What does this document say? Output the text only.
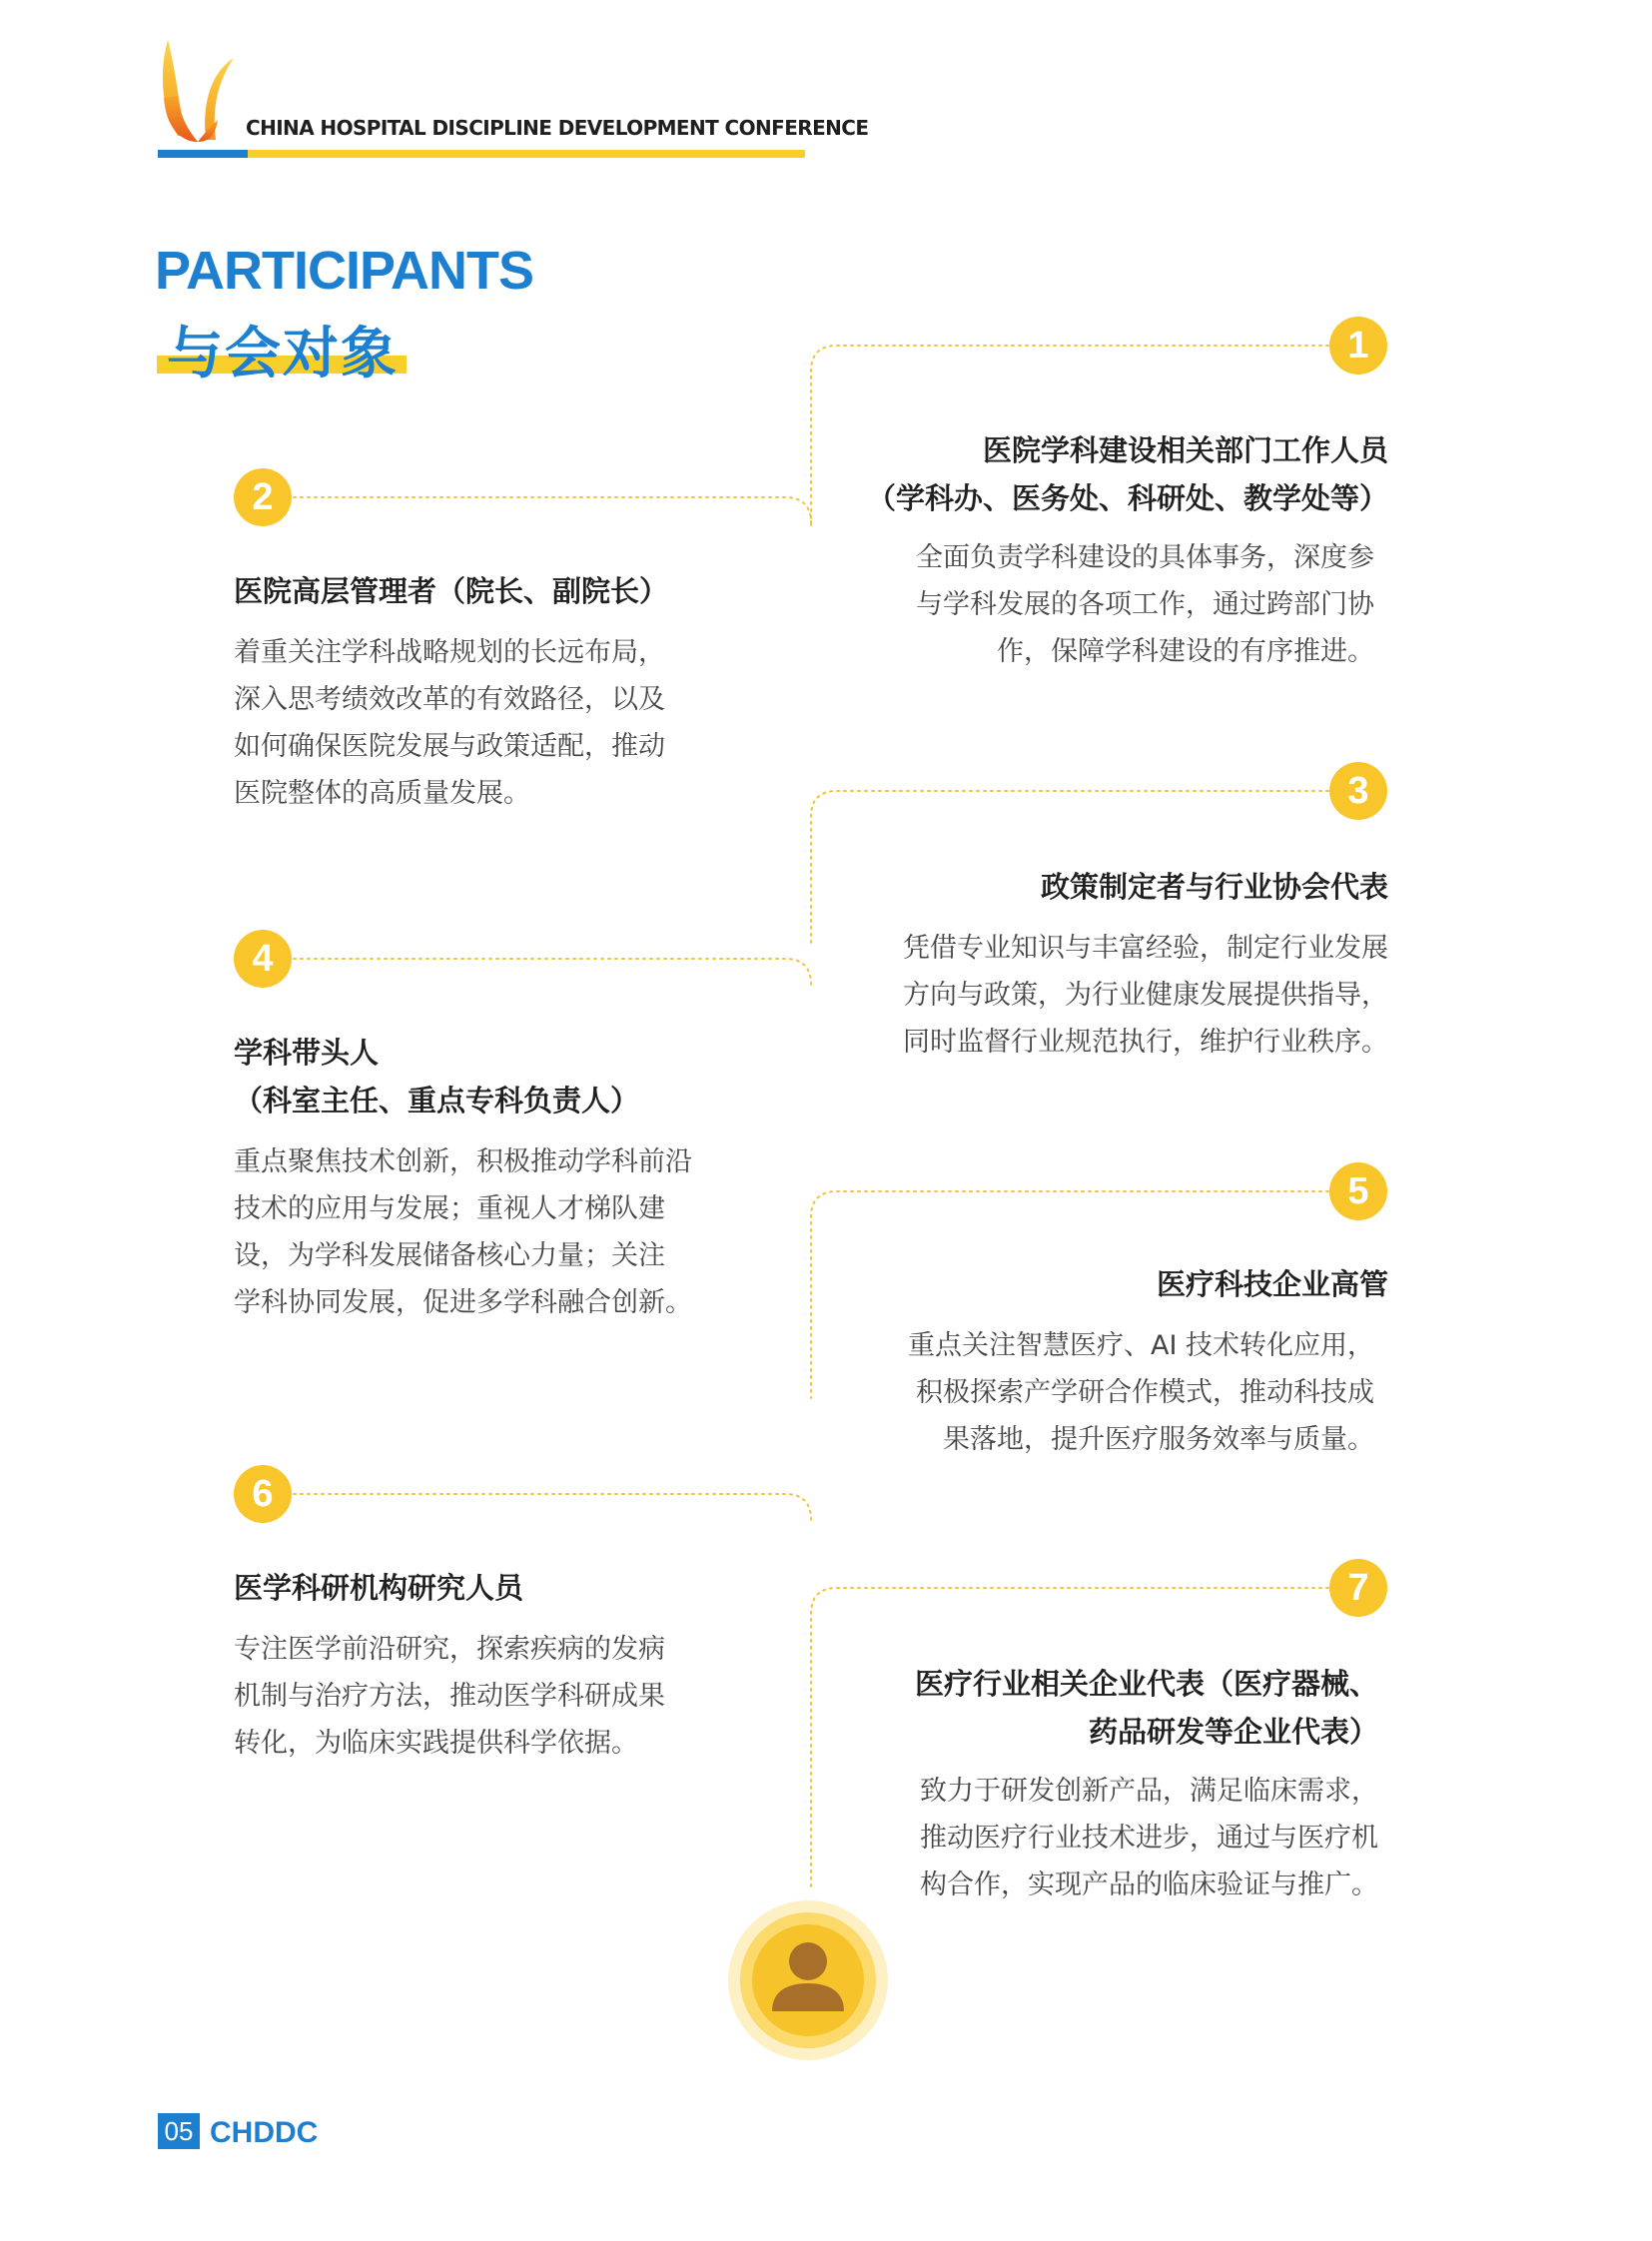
CHINA HOSPITAL DISCIPLINE DEVELOPMENT CONFERENCE
PARTICIPANTS
与会对象	1
2
3
4
5
6
7
医院学科建设相关部门工作人员
（学科办、医务处、科研处、教学处等）
全面负责学科建设的具体事务，深度参
与学科发展的各项工作，通过跨部门协
作，保障学科建设的有序推进。
医院高层管理者（院长、副院长）
着重关注学科战略规划的长远布局，
深入思考绩效改革的有效路径，以及
如何确保医院发展与政策适配，推动
医院整体的高质量发展。
政策制定者与行业协会代表
凭借专业知识与丰富经验，制定行业发展
方向与政策，为行业健康发展提供指导，
同时监督行业规范执行，维护行业秩序。
学科带头人
（科室主任、重点专科负责人）
重点聚焦技术创新，积极推动学科前沿
技术的应用与发展；重视人才梯队建
设，为学科发展储备核心力量；关注
学科协同发展，促进多学科融合创新。
医疗科技企业高管
重点关注智慧医疗、AI 技术转化应用，
积极探索产学研合作模式，推动科技成
果落地，提升医疗服务效率与质量。
医学科研机构研究人员
专注医学前沿研究，探索疾病的发病
机制与治疗方法，推动医学科研成果
转化，为临床实践提供科学依据。
医疗行业相关企业代表（医疗器械、
药品研发等企业代表）
致力于研发创新产品，满足临床需求，
推动医疗行业技术进步，通过与医疗机
构合作，实现产品的临床验证与推广。
05 CHDDC
